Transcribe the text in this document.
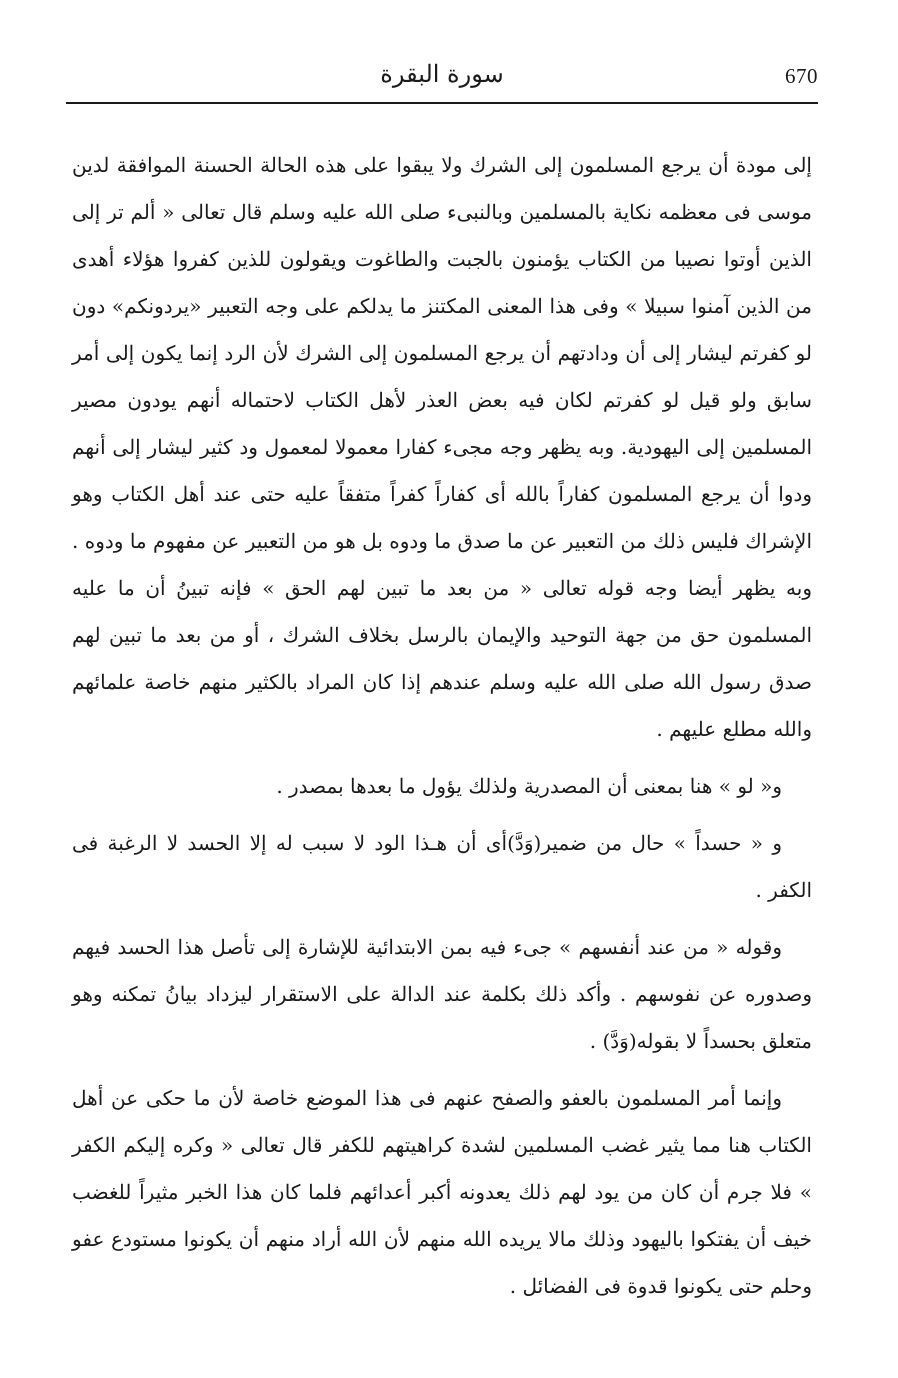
سورة البقرة	670

إلى مودة أن يرجع المسلمون إلى الشرك ولا يبقوا على هذه الحالة الحسنة الموافقة لدين موسى فى معظمه نكاية بالمسلمين وبالنبىء صلى الله عليه وسلم قال تعالى « ألم تر إلى الذين أوتوا نصيبا من الكتاب يؤمنون بالجبت والطاغوت ويقولون للذين كفروا هؤلاء أهدى من الذين آمنوا سبيلا » وفى هذا المعنى المكتنز ما يدلكم على وجه التعبير «يردونكم» دون لو كفرتم ليشار إلى أن ودادتهم أن يرجع المسلمون إلى الشرك لأن الرد إنما يكون إلى أمر سابق ولو قيل لو كفرتم لكان فيه بعض العذر لأهل الكتاب لاحتماله أنهم يودون مصير المسلمين إلى اليهودية. وبه يظهر وجه مجىء كفارا معمولا لمعمول ود كثير ليشار إلى أنهم ودوا أن يرجع المسلمون كفاراً بالله أى كفاراً كفراً متفقاً عليه حتى عند أهل الكتاب وهو الإشراك فليس ذلك من التعبير عن ما صدق ما ودوه بل هو من التعبير عن مفهوم ما ودوه . وبه يظهر أيضا وجه قوله تعالى « من بعد ما تبين لهم الحق » فإنه تبينُ أن ما عليه المسلمون حق من جهة التوحيد والإيمان بالرسل بخلاف الشرك ، أو من بعد ما تبين لهم صدق رسول الله صلى الله عليه وسلم عندهم إذا كان المراد بالكثير منهم خاصة علمائهم والله مطلع عليهم .

و« لو » هنا بمعنى أن المصدرية ولذلك يؤول ما بعدها بمصدر .

و « حسداً » حال من ضمير(وَدَّ)أى أن هـذا الود لا سبب له إلا الحسد لا الرغبة فى الكفر .

وقوله « من عند أنفسهم » جىء فيه بمن الابتدائية للإشارة إلى تأصل هذا الحسد فيهم وصدوره عن نفوسهم . وأكد ذلك بكلمة عند الدالة على الاستقرار ليزداد بيانُ تمكنه وهو متعلق بحسداً لا بقوله(وَدَّ) .

وإنما أمر المسلمون بالعفو والصفح عنهم فى هذا الموضع خاصة لأن ما حكى عن أهل الكتاب هنا مما يثير غضب المسلمين لشدة كراهيتهم للكفر قال تعالى « وكره إليكم الكفر » فلا جرم أن كان من يود لهم ذلك يعدونه أكبر أعدائهم فلما كان هذا الخبر مثيراً للغضب خيف أن يفتكوا باليهود وذلك مالا يريده الله منهم لأن الله أراد منهم أن يكونوا مستودع عفو وحلم حتى يكونوا قدوة فى الفضائل .
